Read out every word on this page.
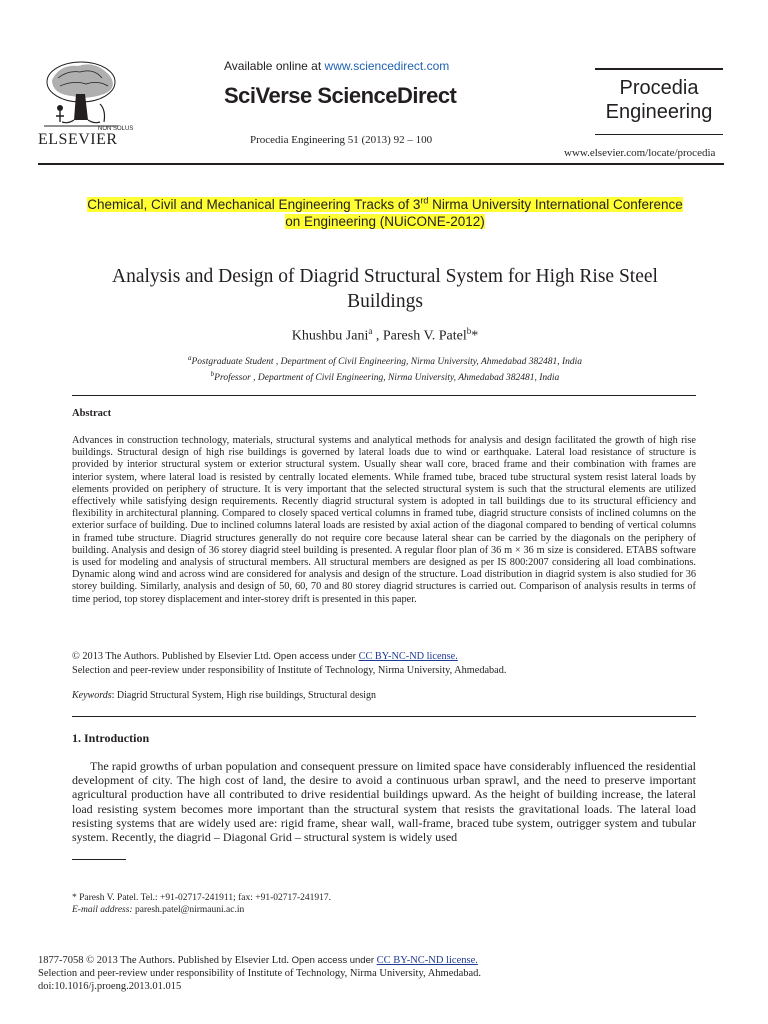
NON SOLUS
ELSEVIER
Available online at www.sciencedirect.com
SciVerse ScienceDirect
Procedia Engineering 51 (2013) 92 – 100
Procedia
Engineering
www.elsevier.com/locate/procedia
Chemical, Civil and Mechanical Engineering Tracks of 3rd Nirma University International Conference
on Engineering (NUiCONE-2012)
Analysis and Design of Diagrid Structural System for High Rise Steel
Buildings
Khushbu Jani$^a$ , Paresh V. Patel$^b$*
$^a$Postgraduate Student , Department of Civil Engineering, Nirma University, Ahmedabad 382481, India
$^b$Professor , Department of Civil Engineering, Nirma University, Ahmedabad 382481, India
Abstract
Advances in construction technology, materials, structural systems and analytical methods for analysis and design facilitated the growth of high rise buildings. Structural design of high rise buildings is governed by lateral loads due to wind or earthquake. Lateral load resistance of structure is provided by interior structural system or exterior structural system. Usually shear wall core, braced frame and their combination with frames are interior system, where lateral load is resisted by centrally located elements. While framed tube, braced tube structural system resist lateral loads by elements provided on periphery of structure. It is very important that the selected structural system is such that the structural elements are utilized effectively while satisfying design requirements. Recently diagrid structural system is adopted in tall buildings due to its structural efficiency and flexibility in architectural planning. Compared to closely spaced vertical columns in framed tube, diagrid structure consists of inclined columns on the exterior surface of building. Due to inclined columns lateral loads are resisted by axial action of the diagonal compared to bending of vertical columns in framed tube structure. Diagrid structures generally do not require core because lateral shear can be carried by the diagonals on the periphery of building. Analysis and design of 36 storey diagrid steel building is presented. A regular floor plan of 36 m × 36 m size is considered. ETABS software is used for modeling and analysis of structural members. All structural members are designed as per IS 800:2007 considering all load combinations. Dynamic along wind and across wind are considered for analysis and design of the structure. Load distribution in diagrid system is also studied for 36 storey building. Similarly, analysis and design of 50, 60, 70 and 80 storey diagrid structures is carried out. Comparison of analysis results in terms of time period, top storey displacement and inter-storey drift is presented in this paper.
© 2013 The Authors. Published by Elsevier Ltd. Open access under CC BY-NC-ND license.
Selection and peer-review under responsibility of Institute of Technology, Nirma University, Ahmedabad.
Keywords: Diagrid Structural System, High rise buildings, Structural design
1. Introduction
The rapid growths of urban population and consequent pressure on limited space have considerably influenced the residential development of city. The high cost of land, the desire to avoid a continuous urban sprawl, and the need to preserve important agricultural production have all contributed to drive residential buildings upward. As the height of building increase, the lateral load resisting system becomes more important than the structural system that resists the gravitational loads. The lateral load resisting systems that are widely used are: rigid frame, shear wall, wall-frame, braced tube system, outrigger system and tubular system. Recently, the diagrid – Diagonal Grid – structural system is widely used
* Paresh V. Patel. Tel.: +91-02717-241911; fax: +91-02717-241917.
E-mail address: paresh.patel@nirmauni.ac.in
1877-7058 © 2013 The Authors. Published by Elsevier Ltd. Open access under CC BY-NC-ND license.
Selection and peer-review under responsibility of Institute of Technology, Nirma University, Ahmedabad.
doi:10.1016/j.proeng.2013.01.015
